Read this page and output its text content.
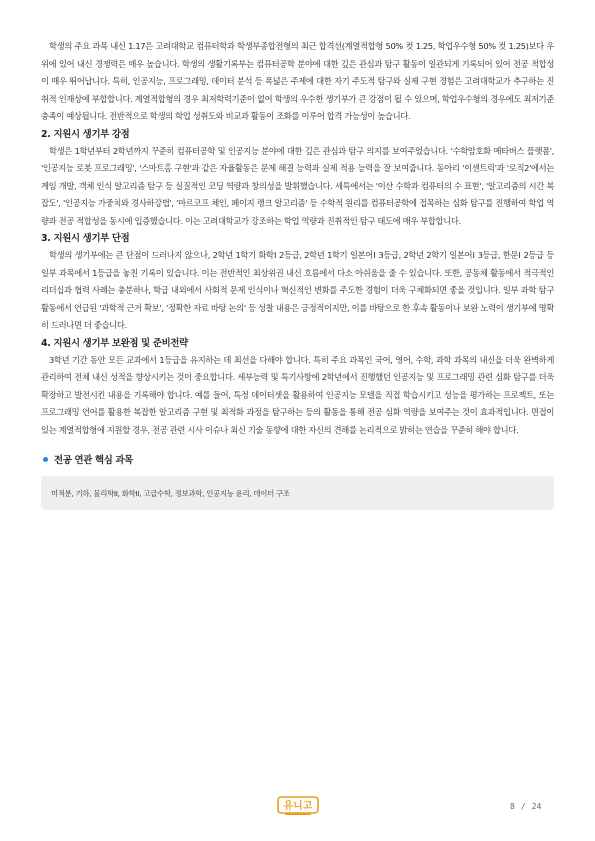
학생의 주요 과목 내신 1.17은 고려대학교 컴퓨터학과 학생부종합전형의 최근 합격선(계열적합형 50% 컷 1.25, 학업우수형 50% 컷 1.25)보다 우위에 있어 내신 경쟁력은 매우 높습니다. 학생의 생활기록부는 컴퓨터공학 분야에 대한 깊은 관심과 탐구 활동이 일관되게 기록되어 있어 전공 적합성이 매우 뛰어납니다. 특히, 인공지능, 프로그래밍, 데이터 분석 등 폭넓은 주제에 대한 자기 주도적 탐구와 실제 구현 경험은 고려대학교가 추구하는 진취적 인재상에 부합합니다. 계열적합형의 경우 최저학력기준이 없어 학생의 우수한 생기부가 큰 강점이 될 수 있으며, 학업우수형의 경우에도 최저기준 충족이 예상됩니다. 전반적으로 학생의 학업 성취도와 비교과 활동이 조화를 이루어 합격 가능성이 높습니다.

2. 지원시 생기부 강점

학생은 1학년부터 2학년까지 꾸준히 컴퓨터공학 및 인공지능 분야에 대한 깊은 관심과 탐구 의지를 보여주었습니다. '수학암호화 메타버스 플랫폼', '인공지능 로봇 프로그래밍', '스마트홈 구현'과 같은 자율활동은 문제 해결 능력과 실제 적용 능력을 잘 보여줍니다. 동아리 '이센트릭'과 '로직2'에서는 게임 개발, 객체 인식 알고리즘 탐구 등 실질적인 코딩 역량과 창의성을 발휘했습니다. 세특에서는 '이산 수학과 컴퓨터의 수 표현', '알고리즘의 시간 복잡도', '인공지능 가중치와 경사하강법', '마르코프 체인, 페이지 랭크 알고리즘' 등 수학적 원리를 컴퓨터공학에 접목하는 심화 탐구를 진행하여 학업 역량과 전공 적합성을 동시에 입증했습니다. 이는 고려대학교가 강조하는 학업 역량과 진취적인 탐구 태도에 매우 부합합니다.

3. 지원시 생기부 단점

학생의 생기부에는 큰 단점이 드러나지 않으나, 2학년 1학기 화학Ⅰ 2등급, 2학년 1학기 일본어Ⅰ 3등급, 2학년 2학기 일본어Ⅰ 3등급, 한문Ⅰ 2등급 등 일부 과목에서 1등급을 놓친 기록이 있습니다. 이는 전반적인 최상위권 내신 흐름에서 다소 아쉬움을 줄 수 있습니다. 또한, 공동체 활동에서 적극적인 리더십과 협력 사례는 충분하나, 학급 내외에서 사회적 문제 인식이나 혁신적인 변화를 주도한 경험이 더욱 구체화되면 좋을 것입니다. 일부 과학 탐구 활동에서 언급된 '과학적 근거 확보', '정확한 자료 바탕 논의' 등 성찰 내용은 긍정적이지만, 이를 바탕으로 한 후속 활동이나 보완 노력이 생기부에 명확히 드러나면 더 좋습니다.

4. 지원시 생기부 보완점 및 준비전략

3학년 기간 동안 모든 교과에서 1등급을 유지하는 데 최선을 다해야 합니다. 특히 주요 과목인 국어, 영어, 수학, 과학 과목의 내신을 더욱 완벽하게 관리하여 전체 내신 성적을 향상시키는 것이 중요합니다. 세부능력 및 특기사항에 2학년에서 진행했던 인공지능 및 프로그래밍 관련 심화 탐구를 더욱 확장하고 발전시킨 내용을 기록해야 합니다. 예를 들어, 특정 데이터셋을 활용하여 인공지능 모델을 직접 학습시키고 성능을 평가하는 프로젝트, 또는 프로그래밍 언어를 활용한 복잡한 알고리즘 구현 및 최적화 과정을 탐구하는 등의 활동을 통해 전공 심화 역량을 보여주는 것이 효과적입니다. 면접이 있는 계열적합형에 지원할 경우, 전공 관련 시사 이슈나 최신 기술 동향에 대한 자신의 견해를 논리적으로 밝히는 연습을 꾸준히 해야 합니다.

전공 연관 핵심 과목
미적분, 기하, 물리학II, 화학II, 고급수학, 정보과학, 인공지능 윤리, 데이터 구조
유니고	8 / 24
